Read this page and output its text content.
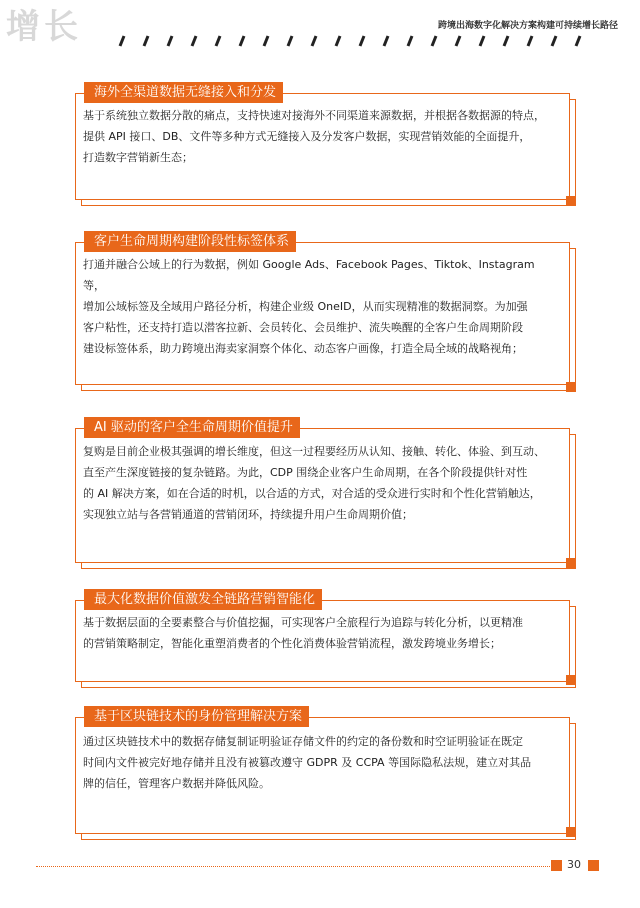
增长	跨境出海数字化解决方案构建可持续增长路径
海外全渠道数据无缝接入和分发
基于系统独立数据分散的痛点，支持快速对接海外不同渠道来源数据，并根据各数据源的特点，
提供 API 接口、DB、文件等多种方式无缝接入及分发客户数据，实现营销效能的全面提升，
打造数字营销新生态；
客户生命周期构建阶段性标签体系
打通并融合公域上的行为数据，例如 Google Ads、Facebook Pages、Tiktok、Instagram 等，
增加公域标签及全域用户路径分析，构建企业级 OneID，从而实现精准的数据洞察。为加强
客户粘性，还支持打造以潜客拉新、会员转化、会员维护、流失唤醒的全客户生命周期阶段
建设标签体系，助力跨境出海卖家洞察个体化、动态客户画像，打造全局全域的战略视角；
AI 驱动的客户全生命周期价值提升
复购是目前企业极其强调的增长维度，但这一过程要经历从认知、接触、转化、体验、到互动、
直至产生深度链接的复杂链路。为此，CDP 围绕企业客户生命周期，在各个阶段提供针对性
的 AI 解决方案，如在合适的时机，以合适的方式，对合适的受众进行实时和个性化营销触达，
实现独立站与各营销通道的营销闭环，持续提升用户生命周期价值；
最大化数据价值激发全链路营销智能化
基于数据层面的全要素整合与价值挖掘，可实现客户全旅程行为追踪与转化分析，以更精准
的营销策略制定，智能化重塑消费者的个性化消费体验营销流程，激发跨境业务增长；
基于区块链技术的身份管理解决方案
通过区块链技术中的数据存储复制证明验证存储文件的约定的备份数和时空证明验证在既定
时间内文件被完好地存储并且没有被篡改遵守 GDPR 及 CCPA 等国际隐私法规，建立对其品
牌的信任，管理客户数据并降低风险。
30
